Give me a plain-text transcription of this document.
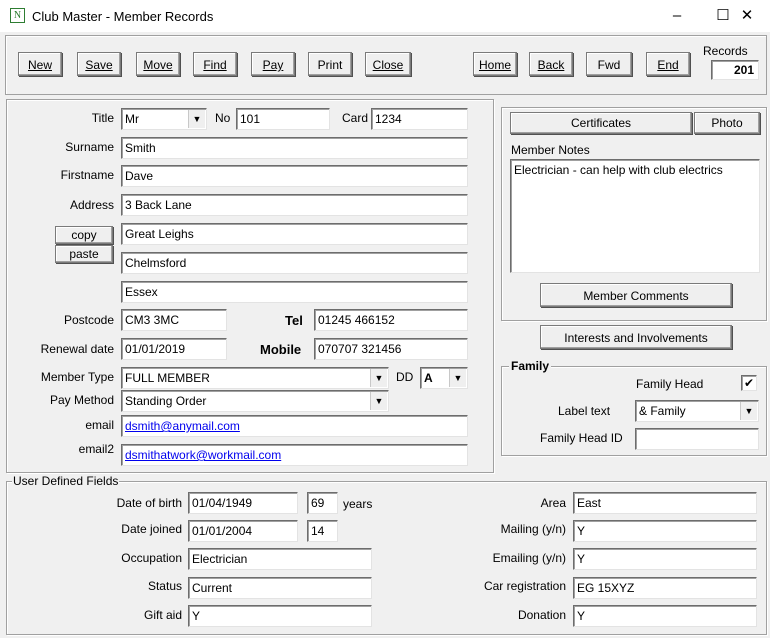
N Club Master - Member Records	–	☐ ✕
New	Save	Move	Find	Pay	Print	Close	Home	Back	Fwd	End
Records
201
Title Mr	▼ No 101	Card 1234
Surname Smith
Firstname Dave
Address 3 Back Lane
Great Leighs
Chelmsford
Essex
copy
paste
Postcode CM3 3MC	Tel	01245 466152
Renewal date 01/01/2019	Mobile	070707 321456
Member Type FULL MEMBER	▼ DD A	▼
Pay Method Standing Order	▼
email dsmith@anymail.com
email2 dsmithatwork@workmail.com
Certificates	Photo
Member Notes
Electrician - can help with club electrics
Member Comments
Interests and Involvements
Family
Family Head	✔
Label text	& Family	▼
Family Head ID
User Defined Fields
Date of birth 01/04/1949	69	years
Date joined 01/01/2004	14
Occupation Electrician
Status Current
Gift aid Y
Area East
Mailing (y/n) Y
Emailing (y/n) Y
Car registration EG 15XYZ
Donation Y
